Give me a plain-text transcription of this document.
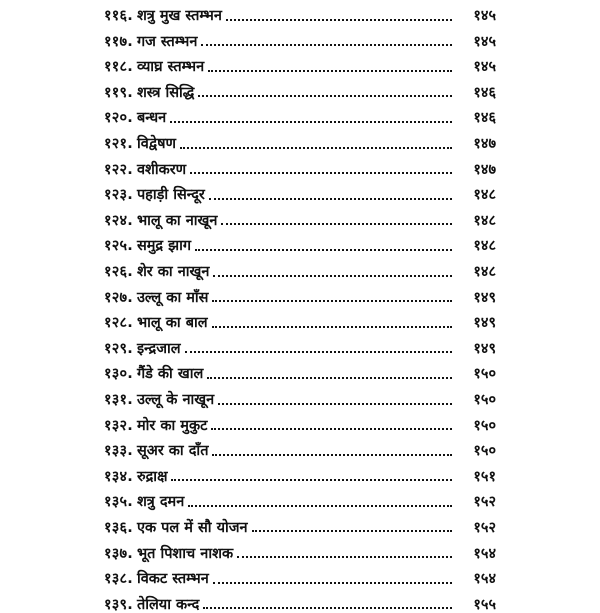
११६. शत्रु मुख स्तम्भन	१४५
११७. गज स्तम्भन	१४५
११८. व्याघ्र स्तम्भन	१४५
११९. शस्त्र सिद्धि	१४६
१२०. बन्धन	१४६
१२१. विद्वेषण	१४७
१२२. वशीकरण	१४७
१२३. पहाड़ी सिन्दूर	१४८
१२४. भालू का नाखून	१४८
१२५. समुद्र झाग	१४८
१२६. शेर का नाखून	१४८
१२७. उल्लू का माँस	१४९
१२८. भालू का बाल	१४९
१२९. इन्द्रजाल	१४९
१३०. गैंडे की खाल	१५०
१३१. उल्लू के नाखून	१५०
१३२. मोर का मुकुट	१५०
१३३. सूअर का दाँत	१५०
१३४. रुद्राक्ष	१५१
१३५. शत्रु दमन	१५२
१३६. एक पल में सौ योजन	१५२
१३७. भूत पिशाच नाशक	१५४
१३८. विकट स्तम्भन	१५४
१३९. तेलिया कन्द	१५५
